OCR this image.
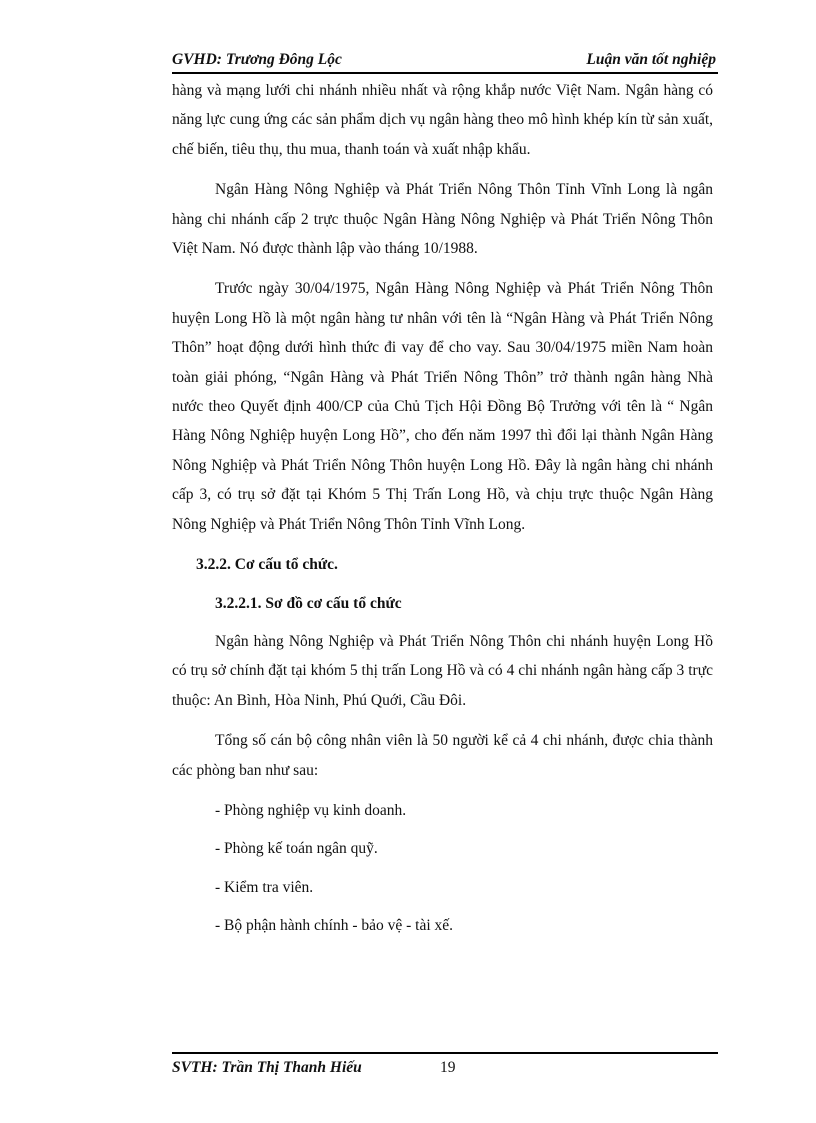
GVHD: Trương Đông Lộc	Luận văn tốt nghiệp

hàng và mạng lưới chi nhánh nhiều nhất và rộng khắp nước Việt Nam. Ngân hàng có năng lực cung ứng các sản phẩm dịch vụ ngân hàng theo mô hình khép kín từ sản xuất, chế biến, tiêu thụ, thu mua, thanh toán và xuất nhập khẩu.

Ngân Hàng Nông Nghiệp và Phát Triển Nông Thôn Tỉnh Vĩnh Long là ngân hàng chi nhánh cấp 2 trực thuộc Ngân Hàng Nông Nghiệp và Phát Triển Nông Thôn Việt Nam. Nó được thành lập vào tháng 10/1988.

Trước ngày 30/04/1975, Ngân Hàng Nông Nghiệp và Phát Triển Nông Thôn huyện Long Hồ là một ngân hàng tư nhân với tên là “Ngân Hàng và Phát Triển Nông Thôn” hoạt động dưới hình thức đi vay để cho vay. Sau 30/04/1975 miền Nam hoàn toàn giải phóng, “Ngân Hàng và Phát Triển Nông Thôn” trở thành ngân hàng Nhà nước theo Quyết định 400/CP của Chủ Tịch Hội Đồng Bộ Trưởng với tên là “ Ngân Hàng Nông Nghiệp huyện Long Hồ”, cho đến năm 1997 thì đổi lại thành Ngân Hàng Nông Nghiệp và Phát Triển Nông Thôn huyện Long Hồ. Đây là ngân hàng chi nhánh cấp 3, có trụ sở đặt tại Khóm 5 Thị Trấn Long Hồ, và chịu trực thuộc Ngân Hàng Nông Nghiệp và Phát Triển Nông Thôn Tỉnh Vĩnh Long.

3.2.2. Cơ cấu tổ chức.
3.2.2.1. Sơ đồ cơ cấu tổ chức

Ngân hàng Nông Nghiệp và Phát Triển Nông Thôn chi nhánh huyện Long Hồ có trụ sở chính đặt tại khóm 5 thị trấn Long Hồ và có 4 chi nhánh ngân hàng cấp 3 trực thuộc: An Bình, Hòa Ninh, Phú Quới, Cầu Đôi.

Tổng số cán bộ công nhân viên là 50 người kể cả 4 chi nhánh, được chia thành các phòng ban như sau:

- Phòng nghiệp vụ kinh doanh.
- Phòng kế toán ngân quỹ.
- Kiểm tra viên.
- Bộ phận hành chính - bảo vệ - tài xế.
SVTH: Trần Thị Thanh Hiếu	19
